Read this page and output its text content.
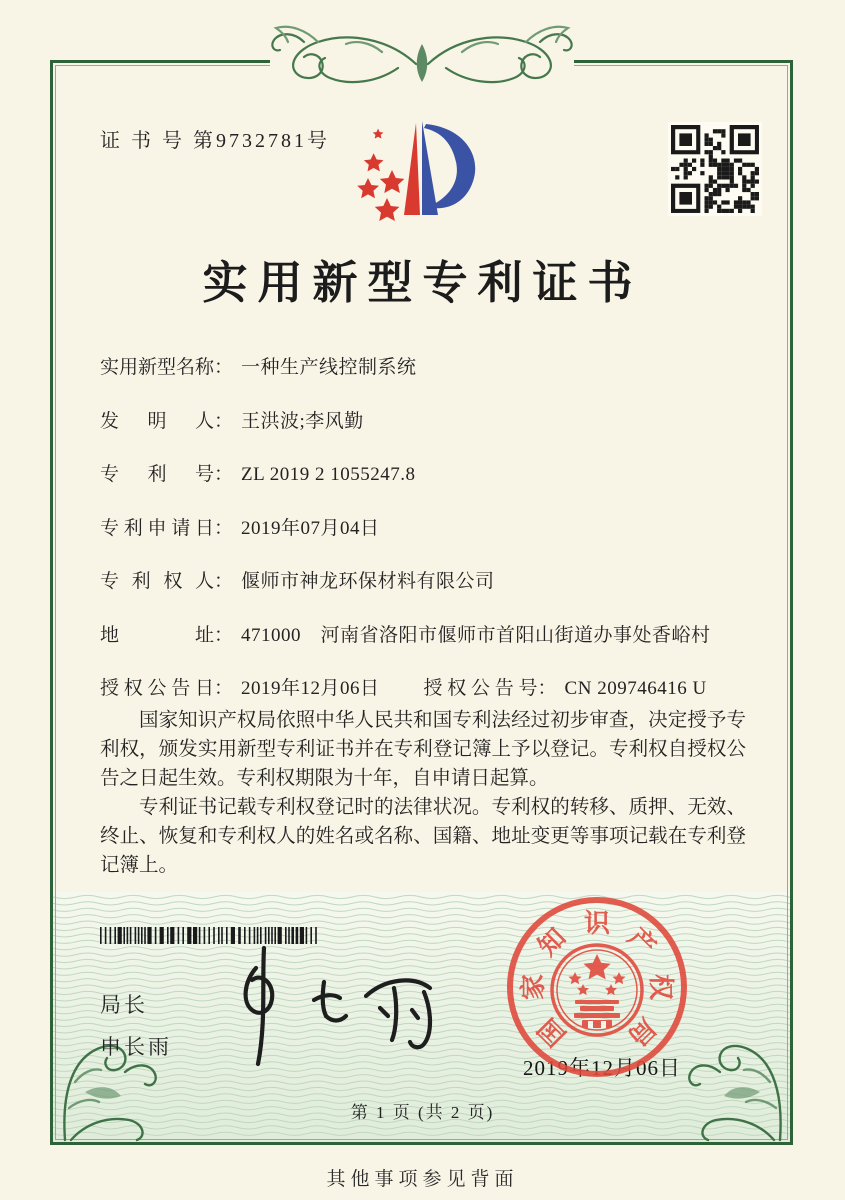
证 书 号 第9732781号
实用新型专利证书
实用新型名称 ： 一种生产线控制系统
发明人 ： 王洪波;李风勤
专利号 ： ZL 2019 2 1055247.8
专利申请日 ： 2019年07月04日
专利权人 ： 偃师市神龙环保材料有限公司
地址 ： 471000　河南省洛阳市偃师市首阳山街道办事处香峪村
授权公告日 ： 2019年12月06日 授权公告号 ： CN 209746416 U

国家知识产权局依照中华人民共和国专利法经过初步审查，决定授予专利权，颁发实用新型专利证书并在专利登记簿上予以登记。专利权自授权公告之日起生效。专利权期限为十年，自申请日起算。

专利证书记载专利权登记时的法律状况。专利权的转移、质押、无效、终止、恢复和专利权人的姓名或名称、国籍、地址变更等事项记载在专利登记簿上。

局长
申长雨
2019年12月06日
国
家
知 识 产
权
局
第 1 页 (共 2 页)
其他事项参见背面
